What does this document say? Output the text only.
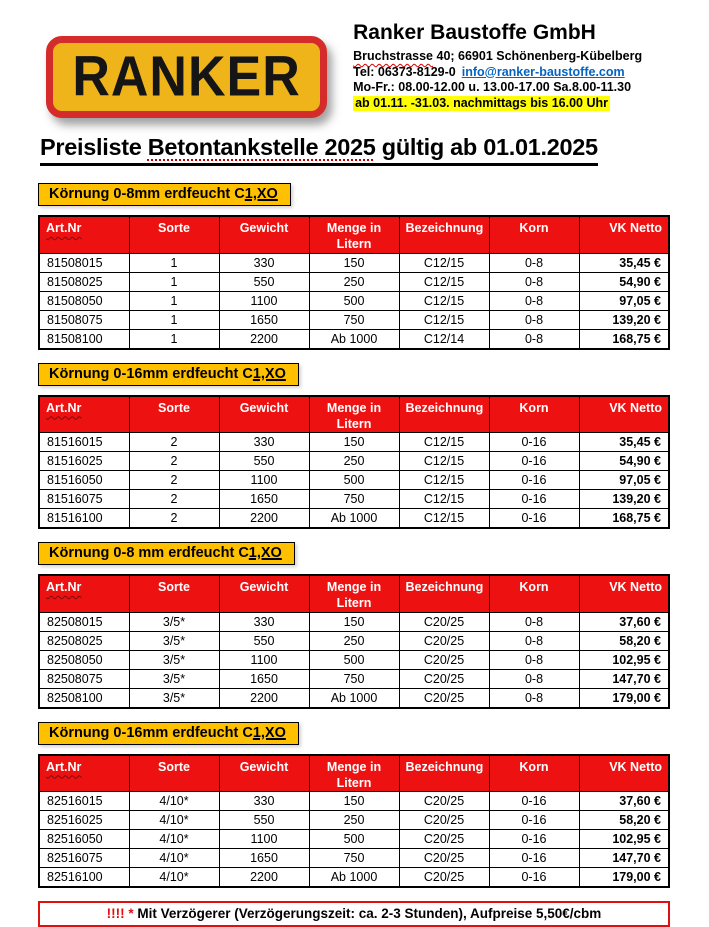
RANKER
Ranker Baustoffe GmbH
Bruchstrasse 40; 66901 Schönenberg-Kübelberg
Tel: 06373-8129-0 info@ranker-baustoffe.com
Mo-Fr.: 08.00-12.00 u. 13.00-17.00 Sa.8.00-11.30
ab 01.11. -31.03. nachmittags bis 16.00 Uhr
Preisliste Betontankstelle 2025 gültig ab 01.01.2025
Körnung 0-8mm erdfeucht C1,XO
Art.Nr	Sorte	Gewicht	Menge in Litern	Bezeichnung	Korn	VK Netto
81508015	1	330	150	C12/15	0-8	35,45 €
81508025	1	550	250	C12/15	0-8	54,90 €
81508050	1	1100	500	C12/15	0-8	97,05 €
81508075	1	1650	750	C12/15	0-8	139,20 €
81508100	1	2200	Ab 1000	C12/14	0-8	168,75 €
Körnung 0-16mm erdfeucht C1,XO
Art.Nr	Sorte	Gewicht	Menge in Litern	Bezeichnung	Korn	VK Netto
81516015	2	330	150	C12/15	0-16	35,45 €
81516025	2	550	250	C12/15	0-16	54,90 €
81516050	2	1100	500	C12/15	0-16	97,05 €
81516075	2	1650	750	C12/15	0-16	139,20 €
81516100	2	2200	Ab 1000	C12/15	0-16	168,75 €
Körnung 0-8 mm erdfeucht C1,XO
Art.Nr	Sorte	Gewicht	Menge in Litern	Bezeichnung	Korn	VK Netto
82508015	3/5*	330	150	C20/25	0-8	37,60 €
82508025	3/5*	550	250	C20/25	0-8	58,20 €
82508050	3/5*	1100	500	C20/25	0-8	102,95 €
82508075	3/5*	1650	750	C20/25	0-8	147,70 €
82508100	3/5*	2200	Ab 1000	C20/25	0-8	179,00 €
Körnung 0-16mm erdfeucht C1,XO
Art.Nr	Sorte	Gewicht	Menge in Litern	Bezeichnung	Korn	VK Netto
82516015	4/10*	330	150	C20/25	0-16	37,60 €
82516025	4/10*	550	250	C20/25	0-16	58,20 €
82516050	4/10*	1100	500	C20/25	0-16	102,95 €
82516075	4/10*	1650	750	C20/25	0-16	147,70 €
82516100	4/10*	2200	Ab 1000	C20/25	0-16	179,00 €
!!!! * Mit Verzögerer (Verzögerungszeit: ca. 2-3 Stunden), Aufpreise 5,50€/cbm
